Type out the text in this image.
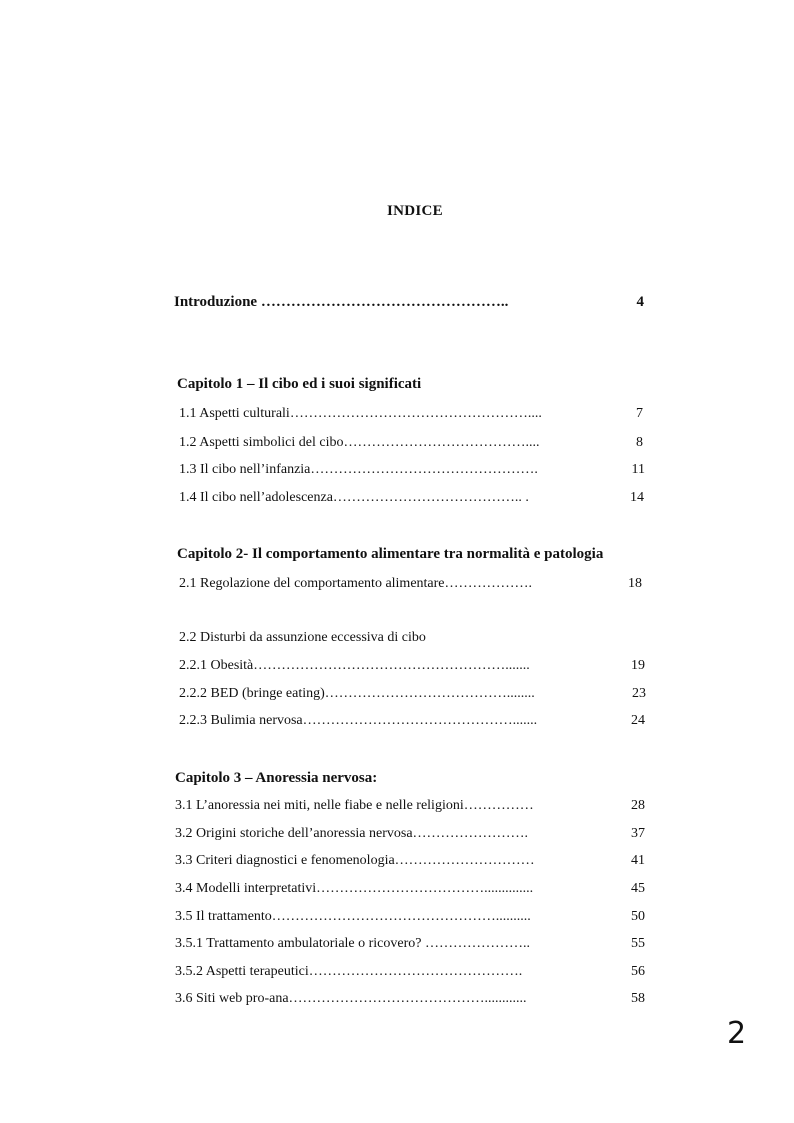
INDICE
Introduzione …………………………………………..	4
Capitolo 1 – Il cibo ed i suoi significati
1.1 Aspetti culturali……………………………………………....	7
1.2 Aspetti simbolici del cibo…………………………………....	8
1.3 Il cibo nell’infanzia………………………………………….	11
1.4 Il cibo nell’adolescenza………………………………….. .	14
Capitolo 2- Il comportamento alimentare tra normalità e patologia
2.1 Regolazione del comportamento alimentare……………….	18
2.2 Disturbi da assunzione eccessiva di cibo
2.2.1 Obesità……………………………………………….......	19
2.2.2 BED (bringe eating)…………………………………........	23
2.2.3 Bulimia nervosa……………………………………….......	24
Capitolo 3 – Anoressia nervosa:
3.1 L’anoressia nei miti, nelle fiabe e nelle religioni……………	28
3.2 Origini storiche dell’anoressia nervosa…………………….	37
3.3 Criteri diagnostici e fenomenologia…………………………	41
3.4 Modelli interpretativi………………………………..............	45
3.5 Il trattamento…………………………………………..........	50
3.5.1 Trattamento ambulatoriale o ricovero? …………………..	55
3.5.2 Aspetti terapeutici……………………………………….	56
3.6 Siti web pro-ana……………………………………............	58
2
